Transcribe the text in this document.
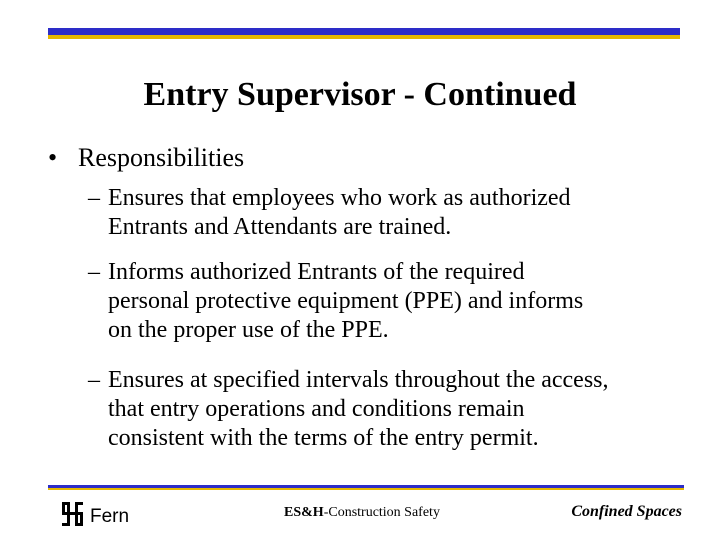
Entry Supervisor - Continued
• Responsibilities
– Ensures that employees who work as authorized
Entrants and Attendants are trained.
– Informs authorized Entrants of the required
personal protective equipment (PPE) and informs
on the proper use of the PPE.
– Ensures at specified intervals throughout the access,
that entry operations and conditions remain
consistent with the terms of the entry permit.
Fern	ES&H-Construction Safety	Confined Spaces
